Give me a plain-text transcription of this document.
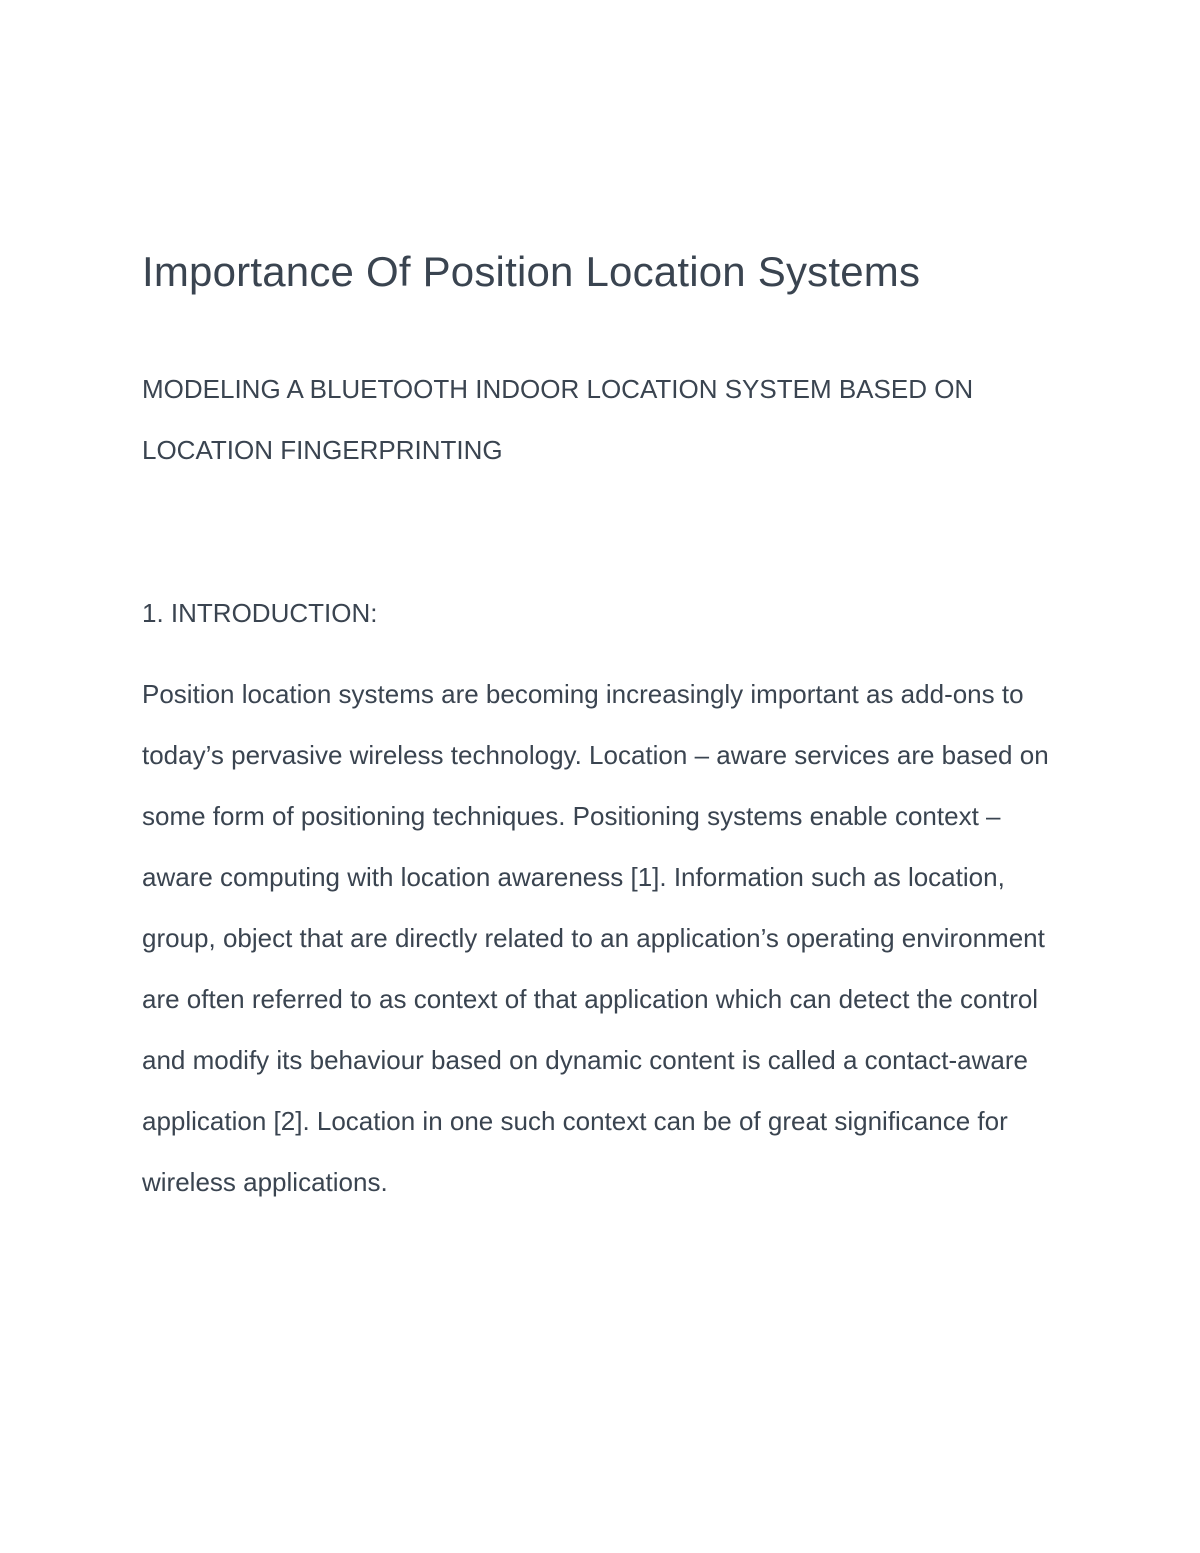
Importance Of Position Location Systems

MODELING A BLUETOOTH INDOOR LOCATION SYSTEM BASED ON LOCATION FINGERPRINTING

1. INTRODUCTION:

Position location systems are becoming increasingly important as add-ons to today’s pervasive wireless technology. Location – aware services are based on some form of positioning techniques. Positioning systems enable context – aware computing with location awareness [1]. Information such as location, group, object that are directly related to an application’s operating environment are often referred to as context of that application which can detect the control and modify its behaviour based on dynamic content is called a contact-aware application [2]. Location in one such context can be of great significance for wireless applications.
